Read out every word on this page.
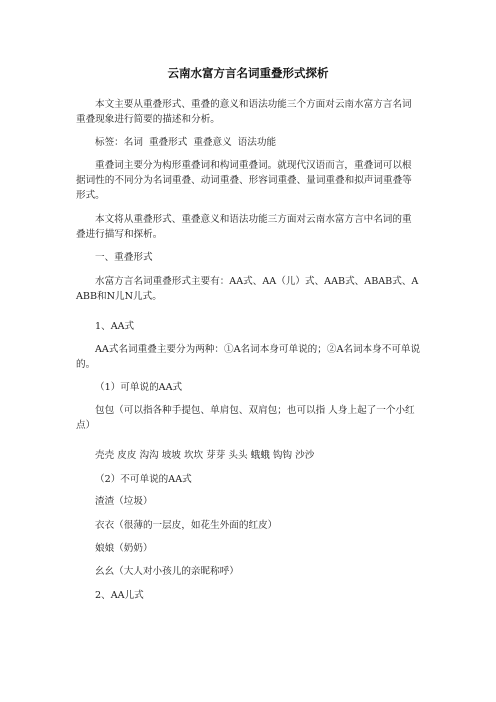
云南水富方言名词重叠形式探析

本文主要从重叠形式、重叠的意义和语法功能三个方面对云南水富方言名词重叠现象进行简要的描述和分析。

标签：名词 重叠形式 重叠意义 语法功能

重叠词主要分为构形重叠词和构词重叠词。就现代汉语而言，重叠词可以根据词性的不同分为名词重叠、动词重叠、形容词重叠、量词重叠和拟声词重叠等形式。

本文将从重叠形式、重叠意义和语法功能三方面对云南水富方言中名词的重叠进行描写和探析。

一、重叠形式

水富方言名词重叠形式主要有：AA式、AA（儿）式、AAB式、ABAB式、AABB和N儿N儿式。

1、AA式

AA式名词重叠主要分为两种：①A名词本身可单说的；②A名词本身不可单说的。

（1）可单说的AA式

包包（可以指各种手提包、单肩包、双肩包；也可以指 人身上起了一个小红点）

壳壳 皮皮 沟沟 坡坡 坎坎 芽芽 头头 蛾蛾 钩钩 沙沙

（2）不可单说的AA式

渣渣（垃圾）

衣衣（很薄的一层皮，如花生外面的红皮）

娘娘（奶奶）

幺幺（大人对小孩儿的亲昵称呼）

2、AA儿式
